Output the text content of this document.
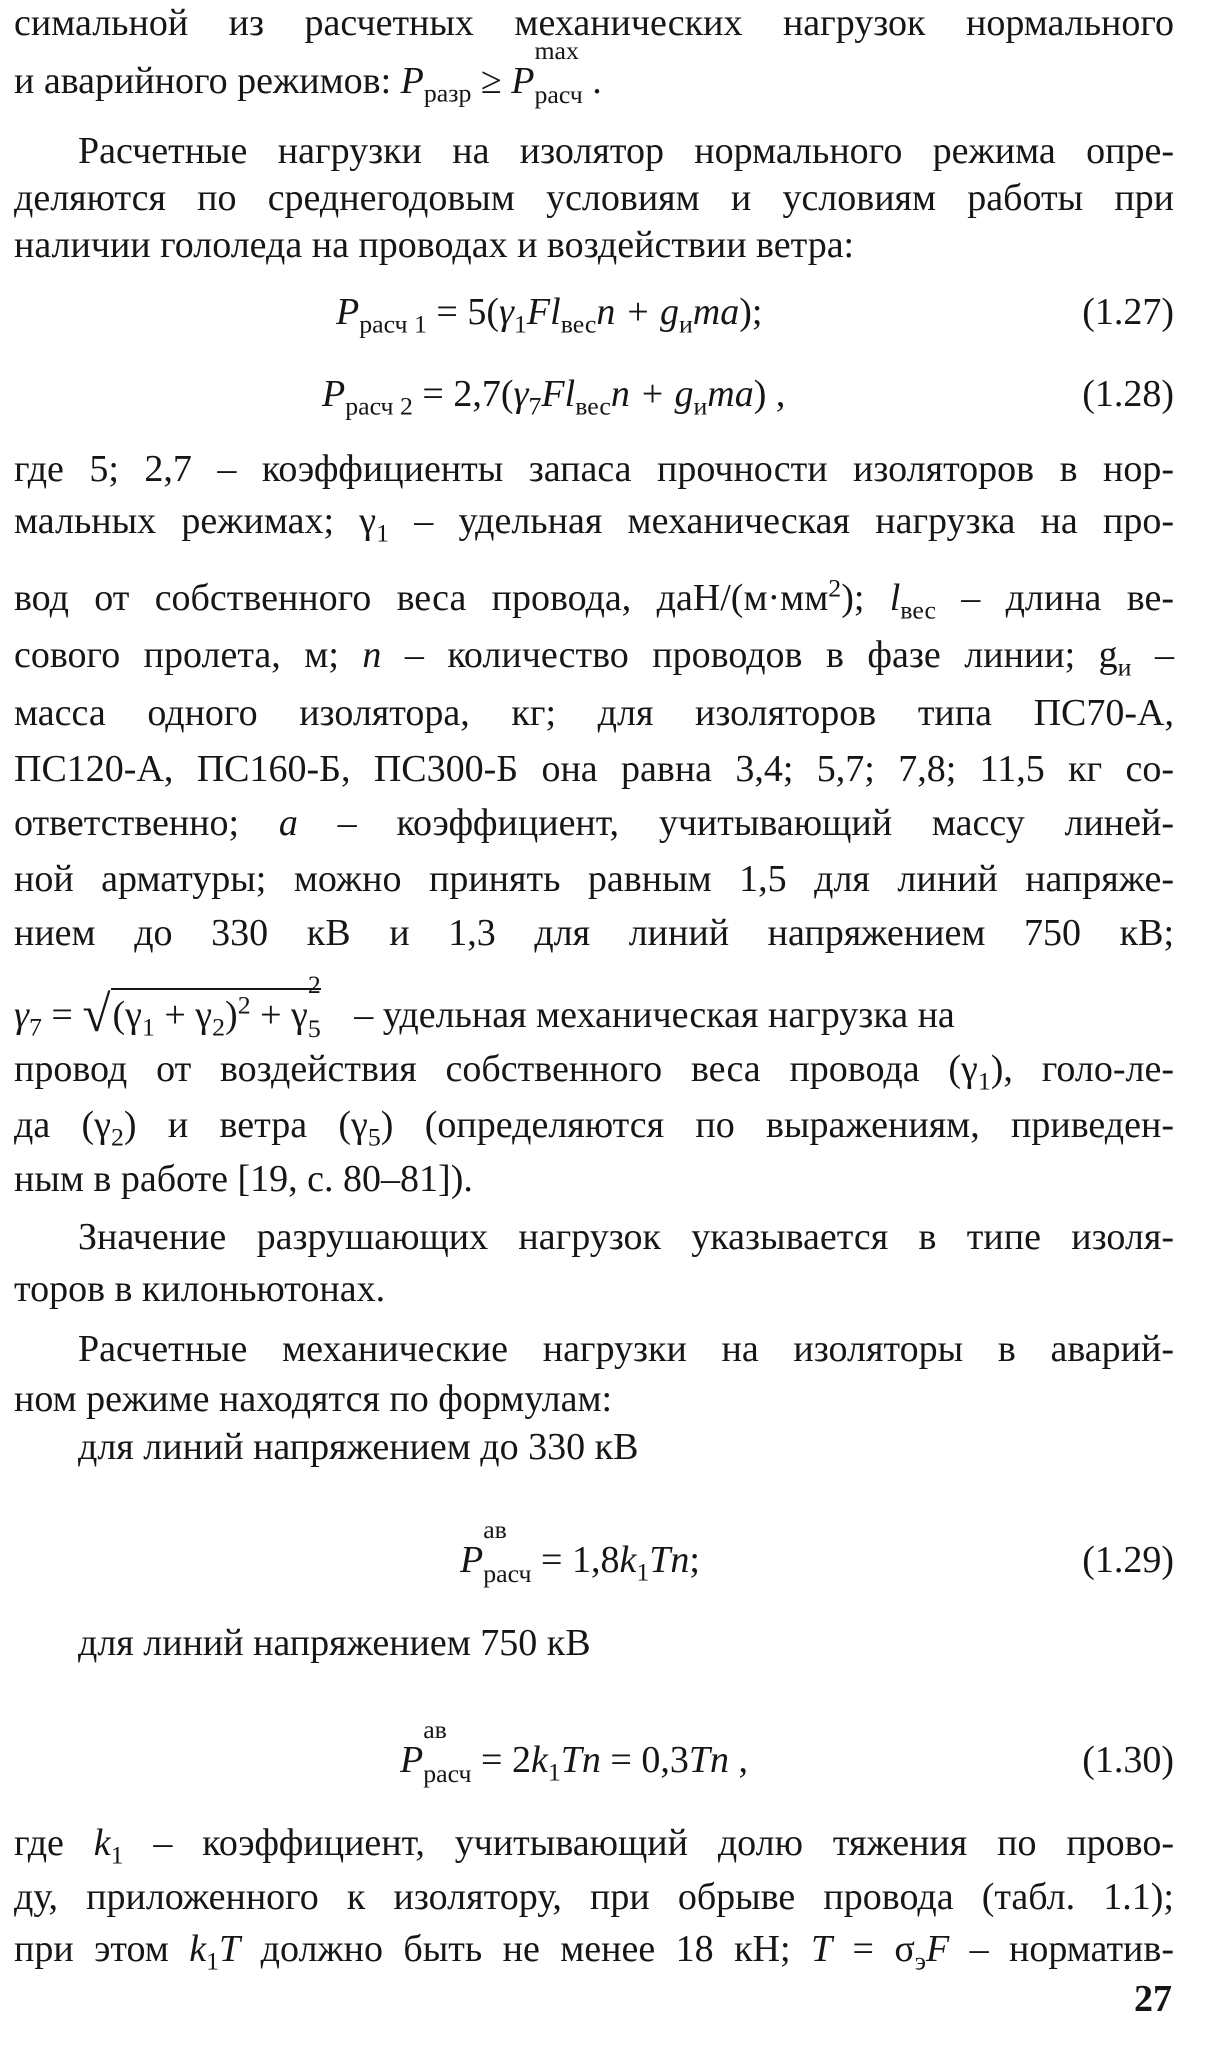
симальной из расчетных механических нагрузок нормального
и аварийного режимов: $P_{разр} \ge P$
max
$_{расч}$ .
Расчетные нагрузки на изолятор нормального режима опре-
деляются по среднегодовым условиям и условиям работы при
наличии гололеда на проводах и воздействии ветра:
$P_{расч 1} = 5(\gamma_1Fl_{вес}n + g_иma)$;	(1.27)
$P_{расч 2} = 2,7(\gamma_7Fl_{вес}n + g_иma)$ ,	(1.28)
где 5; 2,7 – коэффициенты запаса прочности изоляторов в нор-
мальных режимах; $\gamma_1$ – удельная механическая нагрузка на про-
вод от собственного веса провода, даН/$(м\cdot мм^2)$; $l_{вес}$ – длина ве-
сового пролета, м; n – количество проводов в фазе линии; $g_и$ –
масса одного изолятора, кг; для изоляторов типа ПС70-А,
ПС120-А, ПС160-Б, ПС300-Б она равна 3,4; 5,7; 7,8; 11,5 кг со-
ответственно; a – коэффициент, учитывающий массу линей-
ной арматуры; можно принять равным 1,5 для линий напряже-
нием до 330 кВ и 1,3 для линий напряжением 750 кВ;
$\gamma_7 = √(\gamma_1 + \gamma_2)^2 + \gamma$
2
$_5$ – удельная механическая нагрузка на
провод от воздействия собственного веса провода $(\gamma_1)$, голо-ле-
да $(\gamma_2)$ и ветра $(\gamma_5)$ (определяются по выражениям, приведен-
ным в работе [19, с. 80–81]).
Значение разрушающих нагрузок указывается в типе изоля-
торов в килоньютонах.
Расчетные механические нагрузки на изоляторы в аварий-
ном режиме находятся по формулам:
для линий напряжением до 330 кВ
P
ав
$_{расч} = 1,8k_1Tn$;	(1.29)
для линий напряжением 750 кВ
P
ав
$_{расч} = 2k_1Tn = 0,3Tn$ ,	(1.30)
где $k_1$ – коэффициент, учитывающий долю тяжения по прово-
ду, приложенного к изолятору, при обрыве провода (табл. 1.1);
при этом $k_1T$ должно быть не менее 18 кН; $T = \sigma_эF$ – норматив-
27
